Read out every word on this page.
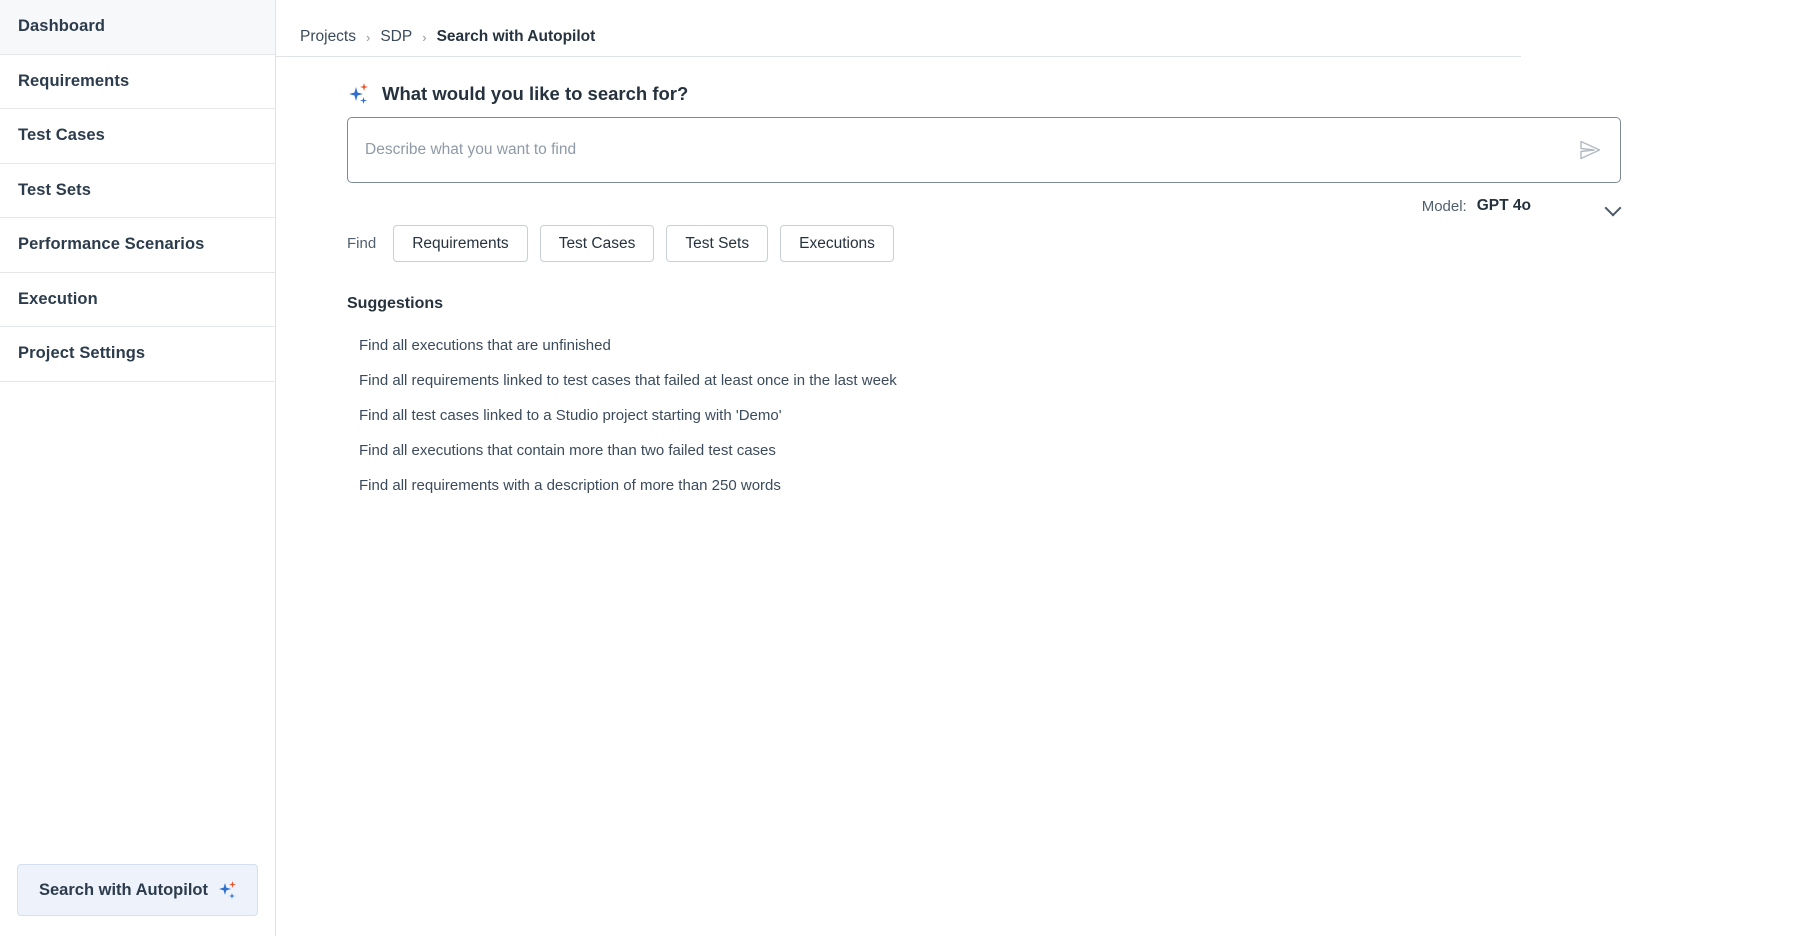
Dashboard
Requirements
Test Cases
Test Sets
Performance Scenarios
Execution
Project Settings
Search with Autopilot
Projects › SDP › Search with Autopilot
What would you like to search for?
Describe what you want to find
Model: GPT 4o
Find	Requirements	Test Cases	Test Sets	Executions
Suggestions
Find all executions that are unfinished
Find all requirements linked to test cases that failed at least once in the last week
Find all test cases linked to a Studio project starting with 'Demo'
Find all executions that contain more than two failed test cases
Find all requirements with a description of more than 250 words
